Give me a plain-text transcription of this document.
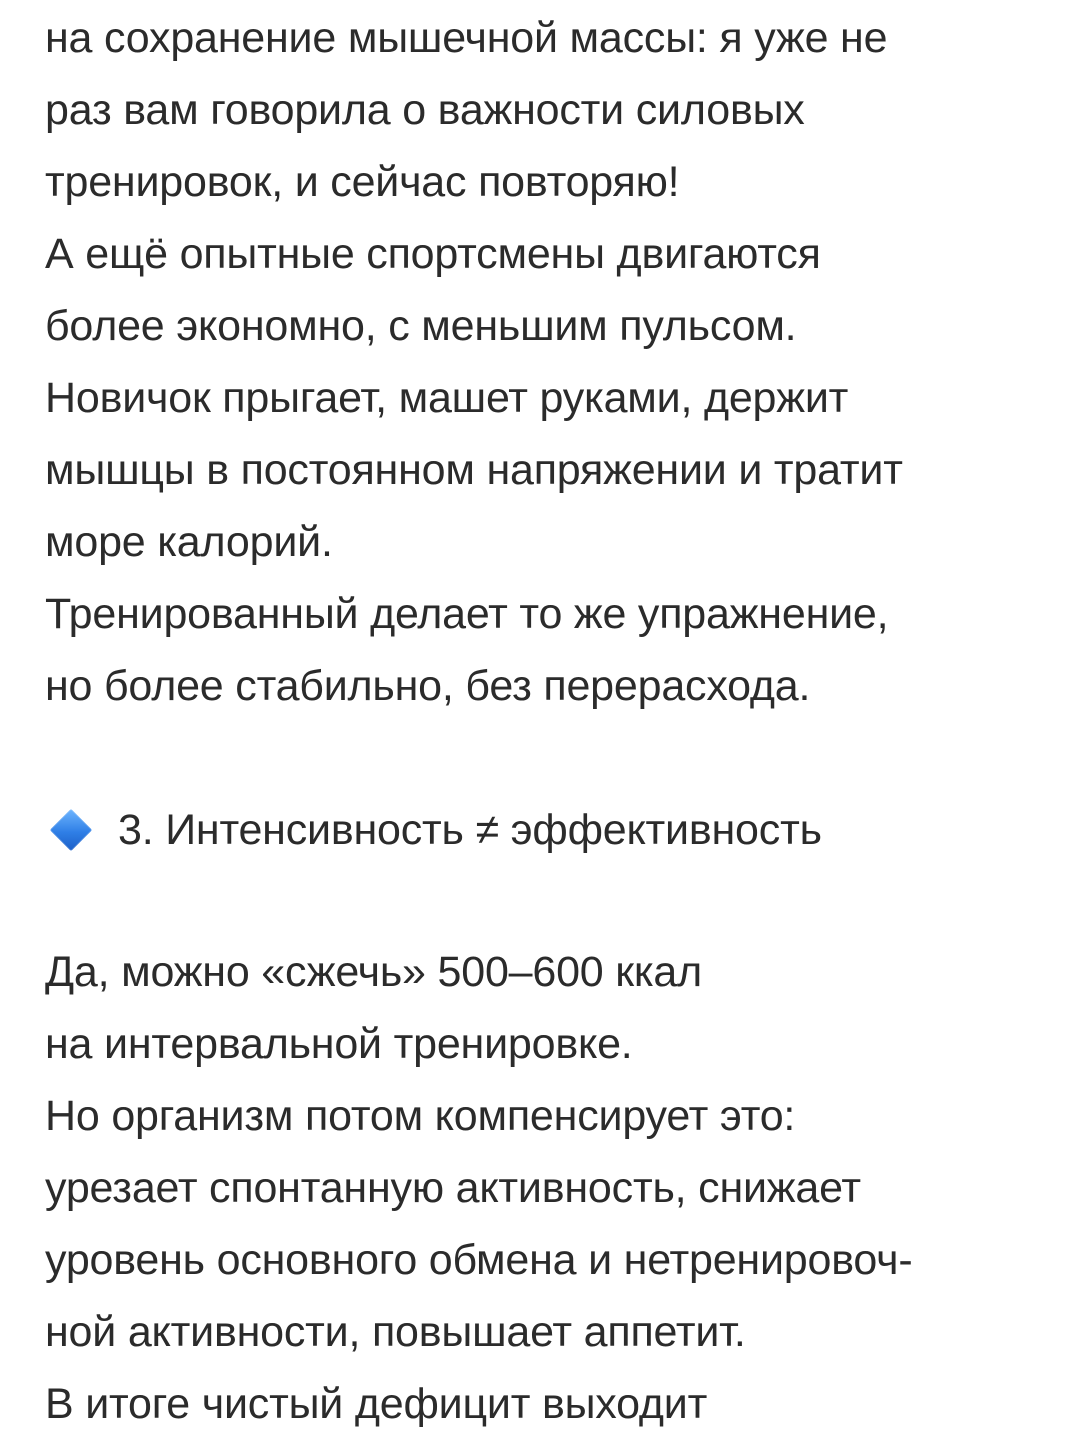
на сохранение мышечной массы: я уже не
раз вам говорила о важности силовых
тренировок, и сейчас повторяю!
А ещё опытные спортсмены двигаются
более экономно, с меньшим пульсом.
Новичок прыгает, машет руками, держит
мышцы в постоянном напряжении и тратит
море калорий.
Тренированный делает то же упражнение,
но более стабильно, без перерасхода.
3. Интенсивность ≠ эффективность
Да, можно «сжечь» 500–600 ккал
на интервальной тренировке.
Но организм потом компенсирует это:
урезает спонтанную активность, снижает
уровень основного обмена и нетренировоч-
ной активности, повышает аппетит.
В итоге чистый дефицит выходит
